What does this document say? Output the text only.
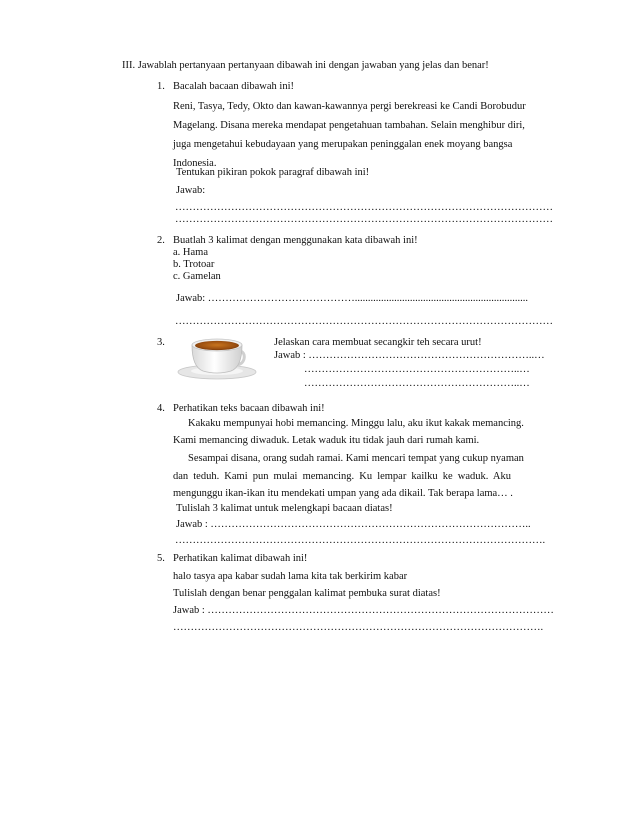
III. Jawablah pertanyaan pertanyaan dibawah ini dengan jawaban yang jelas dan benar!
1. Bacalah bacaan dibawah ini!
Reni, Tasya, Tedy, Okto dan kawan-kawannya pergi berekreasi ke Candi Borobudur
Magelang. Disana mereka mendapat pengetahuan tambahan. Selain menghibur diri,
juga mengetahui kebudayaan yang merupakan peninggalan enek moyang bangsa
Indonesia.
Tentukan pikiran pokok paragraf dibawah ini!
Jawab:
………………………………………………………………………………………………
………………………………………………………………………………………………
2. Buatlah 3 kalimat dengan menggunakan kata dibawah ini!
a. Hama
b. Trotoar
c. Gamelan
Jawab: ……………………………………..................................................................
………………………………………………………………………………………………
3.	Jelaskan cara membuat secangkir teh secara urut!
Jawab : ………………………………………………………..…
……………………………………………………..…
……………………………………………………..…
4. Perhatikan teks bacaan dibawah ini!
Kakaku mempunyai hobi memancing. Minggu lalu, aku ikut kakak memancing.
Kami memancing diwaduk. Letak waduk itu tidak jauh dari rumah kami.
Sesampai disana, orang sudah ramai. Kami mencari tempat yang cukup nyaman
dan teduh. Kami pun mulai memancing. Ku lempar kailku ke waduk. Aku
mengunggu ikan-ikan itu mendekati umpan yang ada dikail. Tak berapa lama… .
Tulislah 3 kalimat untuk melengkapi bacaan diatas!
Jawab : ………………………………………………………………………………..
…………………………………………………………………………………………….
5. Perhatikan kalimat dibawah ini!
halo tasya apa kabar sudah lama kita tak berkirim kabar
Tulislah dengan benar penggalan kalimat pembuka surat diatas!
Jawab : ………………………………………………………………………………………
…………………………………………………………………………………………….
